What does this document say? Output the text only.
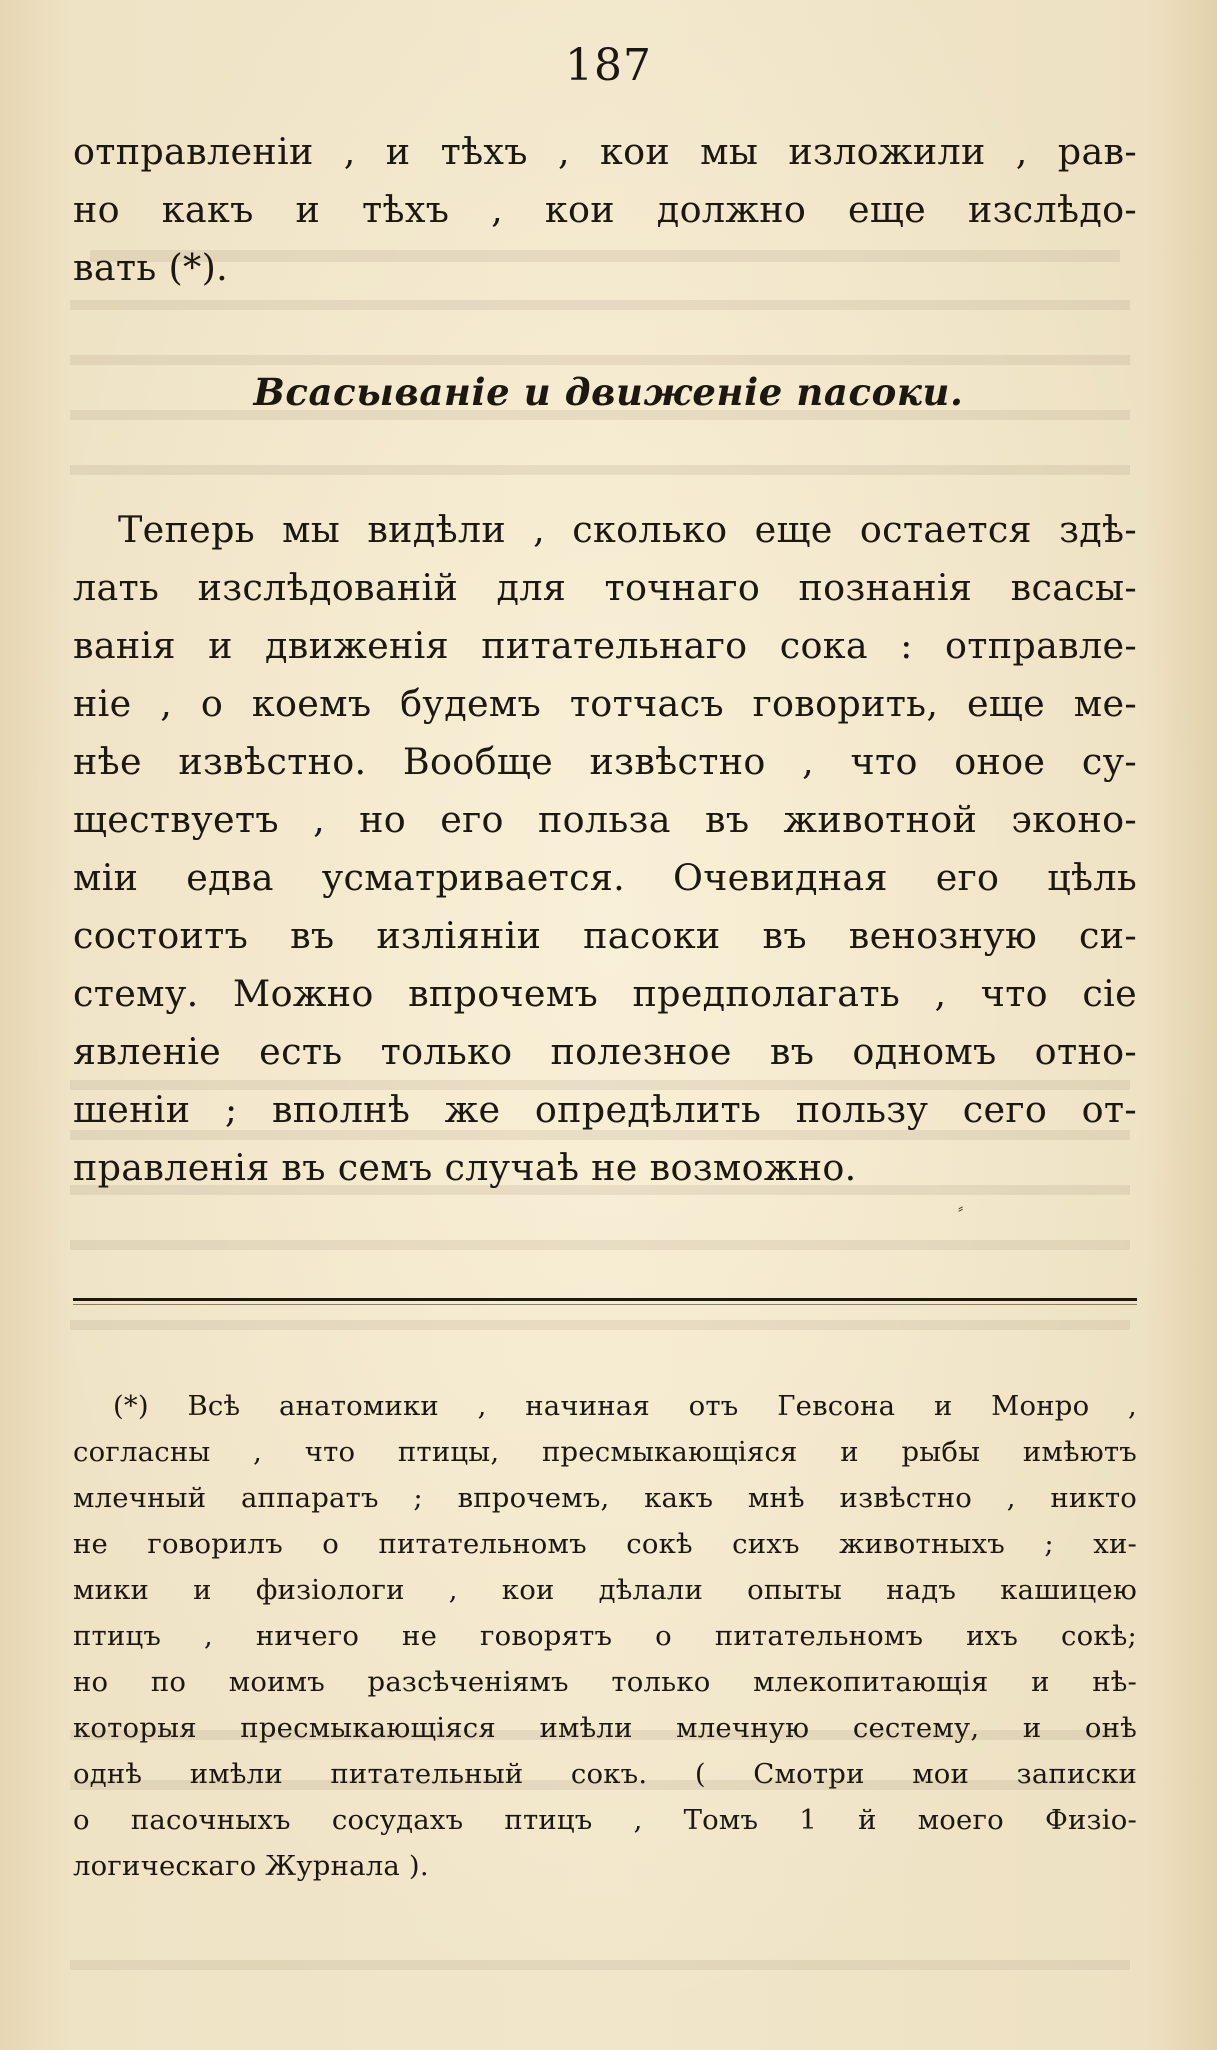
187
отправленіи , и тѣхъ , кои мы изложили , рав-
но какъ и тѣхъ , кои должно еще изслѣдо-
вать (*).
Всасываніе и движеніе пасоки.
Теперь мы видѣли , сколько еще остается здѣ-
лать изслѣдованій для точнаго познанія всасы-
ванія и движенія питательнаго сока : отправле-
ніе , о коемъ будемъ тотчасъ говорить, еще ме-
нѣе извѣстно. Вообще извѣстно , что оное су-
ществуетъ , но его польза въ животной эконо-
міи едва усматривается. Очевидная его цѣль
состоитъ въ изліяніи пасоки въ венозную си-
стему. Можно впрочемъ предполагать , что сіе
явленіе есть только полезное въ одномъ отно-
шеніи ; вполнѣ же опредѣлить пользу сего от-
правленія въ семъ случаѣ не возможно.
⸗
(*) Всѣ анатомики , начиная отъ Гевсона и Монро ,
согласны , что птицы, пресмыкающіяся и рыбы имѣютъ
млечный аппаратъ ; впрочемъ, какъ мнѣ извѣстно , никто
не говорилъ о питательномъ сокѣ сихъ животныхъ ; хи-
мики и физіологи , кои дѣлали опыты надъ кашицею
птицъ , ничего не говорятъ о питательномъ ихъ сокѣ;
но по моимъ разсѣченіямъ только млекопитающія и нѣ-
которыя пресмыкающіяся имѣли млечную сестему, и онѣ
однѣ имѣли питательный сокъ. ( Смотри мои записки
о пасочныхъ сосудахъ птицъ , Томъ 1 й моего Физіо-
логическаго Журнала ).
